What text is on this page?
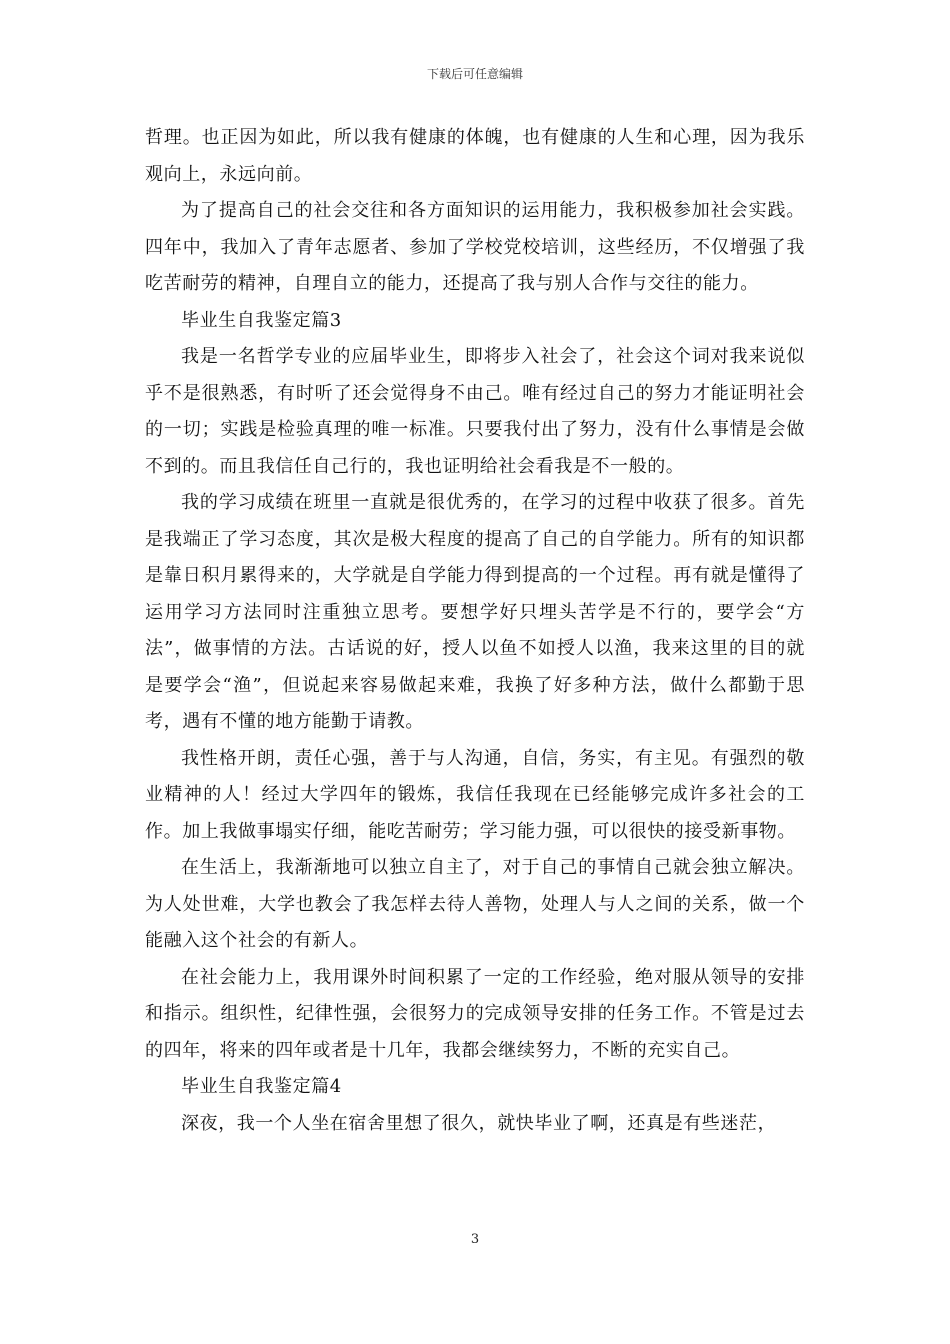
下载后可任意编辑

哲理。也正因为如此，所以我有健康的体魄，也有健康的人生和心理，因为我乐观向上，永远向前。

为了提高自己的社会交往和各方面知识的运用能力，我积极参加社会实践。四年中，我加入了青年志愿者、参加了学校党校培训，这些经历，不仅增强了我吃苦耐劳的精神，自理自立的能力，还提高了我与别人合作与交往的能力。

毕业生自我鉴定篇3

我是一名哲学专业的应届毕业生，即将步入社会了，社会这个词对我来说似乎不是很熟悉，有时听了还会觉得身不由己。唯有经过自己的努力才能证明社会的一切；实践是检验真理的唯一标准。只要我付出了努力，没有什么事情是会做不到的。而且我信任自己行的，我也证明给社会看我是不一般的。

我的学习成绩在班里一直就是很优秀的，在学习的过程中收获了很多。首先是我端正了学习态度，其次是极大程度的提高了自己的自学能力。所有的知识都是靠日积月累得来的，大学就是自学能力得到提高的一个过程。再有就是懂得了运用学习方法同时注重独立思考。要想学好只埋头苦学是不行的，要学会“方法”，做事情的方法。古话说的好，授人以鱼不如授人以渔，我来这里的目的就是要学会“渔”，但说起来容易做起来难，我换了好多种方法，做什么都勤于思考，遇有不懂的地方能勤于请教。

我性格开朗，责任心强，善于与人沟通，自信，务实，有主见。有强烈的敬业精神的人！经过大学四年的锻炼，我信任我现在已经能够完成许多社会的工作。加上我做事塌实仔细，能吃苦耐劳；学习能力强，可以很快的接受新事物。

在生活上，我渐渐地可以独立自主了，对于自己的事情自己就会独立解决。为人处世难，大学也教会了我怎样去待人善物，处理人与人之间的关系，做一个能融入这个社会的有新人。

在社会能力上，我用课外时间积累了一定的工作经验，绝对服从领导的安排和指示。组织性，纪律性强，会很努力的完成领导安排的任务工作。不管是过去的四年，将来的四年或者是十几年，我都会继续努力，不断的充实自己。

毕业生自我鉴定篇4

深夜，我一个人坐在宿舍里想了很久，就快毕业了啊，还真是有些迷茫，

3
